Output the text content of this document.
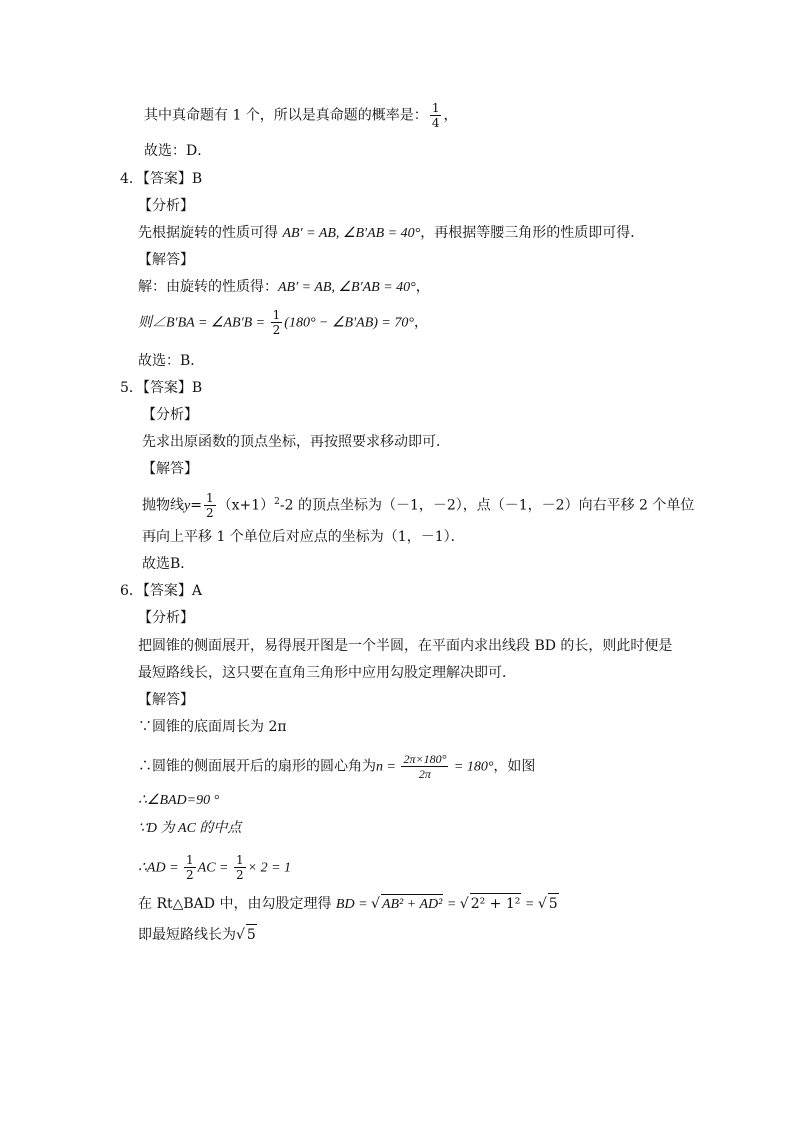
其中真命题有 1 个，所以是真命题的概率是： $\frac{1}{4}$ ，
故选：D．
4．【答案】B
【分析】
先根据旋转的性质可得 AB′ = AB, ∠B′AB = 40°，再根据等腰三角形的性质即可得．
【解答】
解：由旋转的性质得：AB′ = AB, ∠B′AB = 40°，
则∠B′BA = ∠AB′B = $\frac{1}{2} (180^\circ$ − ∠B′AB) = 70°，
故选：B．
5．【答案】B
【分析】
先求出原函数的顶点坐标，再按照要求移动即可．
【解答】
抛物线$y= \frac{1}{2} (x+1)^2-2$ 的顶点坐标为（－1，－2），点（－1，－2）向右平移 2 个单位
再向上平移 1 个单位后对应点的坐标为（1，－1）．
故选B．
6．【答案】A
【分析】
把圆锥的侧面展开，易得展开图是一个半圆，在平面内求出线段 BD 的长，则此时便是
最短路线长，这只要在直角三角形中应用勾股定理解决即可．
【解答】
∵圆锥的底面周长为 2π
∴圆锥的侧面展开后的扇形的圆心角为$n = \frac{2\pi\times 180^\circ}{2\pi} = 180^\circ$，如图
∴∠BAD=90 °
∵D 为 AC 的中点
∴AD = $\frac{1}{2}$ AC = $\frac{1}{2} \times 2 = 1$
在 Rt△BAD 中，由勾股定理得 BD = √ AB² + AD² = √ 2² + 1² = √ 5
即最短路线长为√ 5
